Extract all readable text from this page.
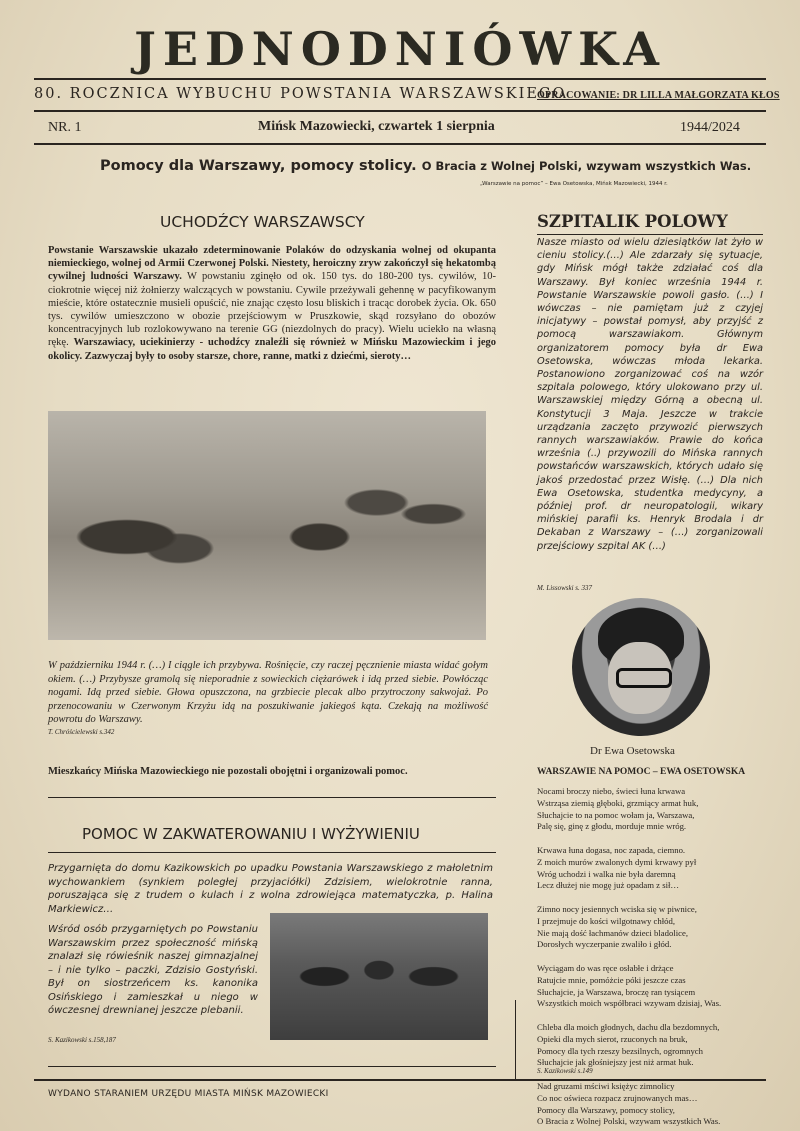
JEDNODNIÓWKA
80. ROCZNICA WYBUCHU POWSTANIA WARSZAWSKIEGO
OPRACOWANIE: DR LILLA MAŁGORZATA KŁOS
NR. 1	Mińsk Mazowiecki, czwartek 1 sierpnia	1944/2024
Pomocy dla Warszawy, pomocy stolicy. O Bracia z Wolnej Polski, wzywam wszystkich Was.
„Warszawie na pomoc” – Ewa Osetowska, Mińsk Mazowiecki, 1944 r.
UCHODŹCY WARSZAWSCY
Powstanie Warszawskie ukazało zdeterminowanie Polaków do odzyskania wolnej od okupanta niemieckiego, wolnej od Armii Czerwonej Polski. Niestety, heroiczny zryw zakończył się hekatombą cywilnej ludności Warszawy. W powstaniu zginęło od ok. 150 tys. do 180-200 tys. cywilów, 10-ciokrotnie więcej niż żołnierzy walczących w powstaniu. Cywile przeżywali gehennę w pacyfikowanym mieście, które ostatecznie musieli opuścić, nie znając często losu bliskich i tracąc dorobek życia. Ok. 650 tys. cywilów umieszczono w obozie przejściowym w Pruszkowie, skąd rozsyłano do obozów koncentracyjnych lub rozlokowywano na terenie GG (niezdolnych do pracy). Wielu uciekło na własną rękę. Warszawiacy, uciekinierzy - uchodźcy znaleźli się również w Mińsku Mazowieckim i jego okolicy. Zazwyczaj były to osoby starsze, chore, ranne, matki z dziećmi, sieroty…
W październiku 1944 r. (…) I ciągle ich przybywa. Rośnięcie, czy raczej pęcznienie miasta widać gołym okiem. (…) Przybysze gramolą się nieporadnie z sowieckich ciężarówek i idą przed siebie. Powłócząc nogami. Idą przed siebie. Głowa opuszczona, na grzbiecie plecak albo przytroczony sakwojaż. Po przenocowaniu w Czerwonym Krzyżu idą na poszukiwanie jakiegoś kąta. Czekają na możliwość powrotu do Warszawy.
T. Chróścielewski s.342
Mieszkańcy Mińska Mazowieckiego nie pozostali obojętni i organizowali pomoc.
POMOC W ZAKWATEROWANIU I WYŻYWIENIU
Przygarnięta do domu Kazikowskich po upadku Powstania Warszawskiego z małoletnim wychowankiem (synkiem poległej przyjaciółki) Zdzisiem, wielokrotnie ranna, poruszająca się z trudem o kulach i z wolna zdrowiejąca matematyczka, p. Halina Markiewicz…
Wśród osób przygarniętych po Powstaniu Warszawskim przez społeczność mińską znalazł się rówieśnik naszej gimnazjalnej – i nie tylko – paczki, Zdzisio Gostyński. Był on siostrzeńcem ks. kanonika Osińskiego i zamieszkał u niego w ówczesnej drewnianej jeszcze plebanii.
S. Kazikowski s.158,187
SZPITALIK POLOWY
Nasze miasto od wielu dziesiątków lat żyło w cieniu stolicy.(…) Ale zdarzały się sytuacje, gdy Mińsk mógł także zdziałać coś dla Warszawy. Był koniec września 1944 r. Powstanie Warszawskie powoli gasło. (…) I wówczas – nie pamiętam już z czyjej inicjatywy – powstał pomysł, aby przyjść z pomocą warszawiakom. Głównym organizatorem pomocy była dr Ewa Osetowska, wówczas młoda lekarka. Postanowiono zorganizować coś na wzór szpitala polowego, który ulokowano przy ul. Warszawskiej między Górną a obecną ul. Konstytucji 3 Maja. Jeszcze w trakcie urządzania zaczęto przywozić pierwszych rannych warszawiaków. Prawie do końca września (..) przywozili do Mińska rannych powstańców warszawskich, których udało się jakoś przedostać przez Wisłę. (…) Dla nich Ewa Osetowska, studentka medycyny, a później prof. dr neuropatologii, wikary mińskiej parafii ks. Henryk Brodala i dr Dekaban z Warszawy – (…) zorganizowali przejściowy szpital AK (…)
M. Lissowski s. 337
Dr Ewa Osetowska
WARSZAWIE NA POMOC – EWA OSETOWSKA
Nocami broczy niebo, świeci łuna krwawa
Wstrząsa ziemią głęboki, grzmiący armat huk,
Słuchajcie to na pomoc wołam ja, Warszawa,
Palę się, ginę z głodu, morduje mnie wróg.
Krwawa łuna dogasa, noc zapada, ciemno.
Z moich murów zwalonych dymi krwawy pył
Wróg uchodzi i walka nie była daremną
Lecz dłużej nie mogę już opadam z sił…
Zimno nocy jesiennych wciska się w piwnice,
I przejmuje do kości wilgotnawy chłód,
Nie mają dość łachmanów dzieci bladolice,
Dorosłych wyczerpanie zwaliło i głód.
Wyciągam do was ręce osłabłe i drżące
Ratujcie mnie, pomóżcie póki jeszcze czas
Słuchajcie, ja Warszawa, broczę ran tysiącem
Wszystkich moich współbraci wzywam dzisiaj, Was.
Chleba dla moich głodnych, dachu dla bezdomnych,
Opieki dla mych sierot, rzuconych na bruk,
Pomocy dla tych rzeszy bezsilnych, ogromnych
Słuchajcie jak głośniejszy jest niż armat huk.
Nad gruzami mściwi księżyc zimnolicy
Co noc oświeca rozpacz zrujnowanych mas…
Pomocy dla Warszawy, pomocy stolicy,
O Bracia z Wolnej Polski, wzywam wszystkich Was.
S. Kazikowski s.149
WYDANO STARANIEM URZĘDU MIASTA MIŃSK MAZOWIECKI
